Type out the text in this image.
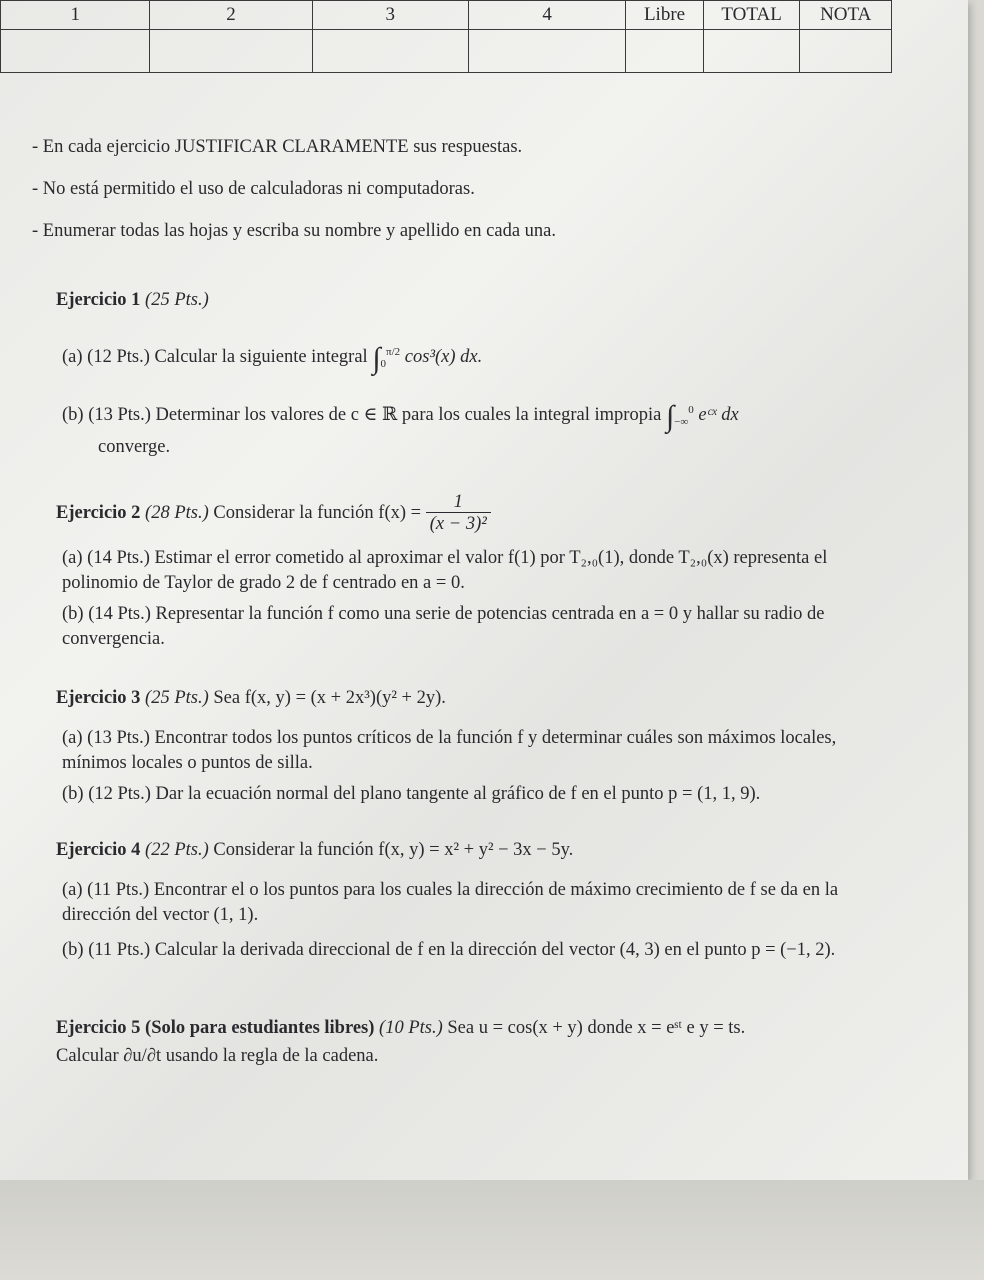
1	2	3	4	Libre	TOTAL	NOTA

- En cada ejercicio JUSTIFICAR CLARAMENTE sus respuestas.
- No está permitido el uso de calculadoras ni computadoras.
- Enumerar todas las hojas y escriba su nombre y apellido en cada una.
Ejercicio 1 (25 Pts.)
(a) (12 Pts.) Calcular la siguiente integral $\int_0^{\pi/2}$ cos³(x) dx.
(b) (13 Pts.) Determinar los valores de c ∈ ℝ para los cuales la integral impropia $\int_{-\infty}^0$ eᶜˣ dx
converge.
Ejercicio 2 (28 Pts.) Considerar la función $f(x) = \frac{1}{\text{(x − 3)²}}$
(a) (14 Pts.) Estimar el error cometido al aproximar el valor f(1) por T₂,₀(1), donde T₂,₀(x) representa el polinomio de Taylor de grado 2 de f centrado en a = 0.
(b) (14 Pts.) Representar la función f como una serie de potencias centrada en a = 0 y hallar su radio de convergencia.
Ejercicio 3 (25 Pts.) Sea f(x, y) = (x + 2x³)(y² + 2y).
(a) (13 Pts.) Encontrar todos los puntos críticos de la función f y determinar cuáles son máximos locales, mínimos locales o puntos de silla.
(b) (12 Pts.) Dar la ecuación normal del plano tangente al gráfico de f en el punto p = (1, 1, 9).
Ejercicio 4 (22 Pts.) Considerar la función f(x, y) = x² + y² − 3x − 5y.
(a) (11 Pts.) Encontrar el o los puntos para los cuales la dirección de máximo crecimiento de f se da en la dirección del vector (1, 1).
(b) (11 Pts.) Calcular la derivada direccional de f en la dirección del vector (4, 3) en el punto p = (−1, 2).
Ejercicio 5 (Solo para estudiantes libres) (10 Pts.) Sea u = cos(x + y) donde x = eˢᵗ e y = ts.
Calcular ∂u/∂t usando la regla de la cadena.
